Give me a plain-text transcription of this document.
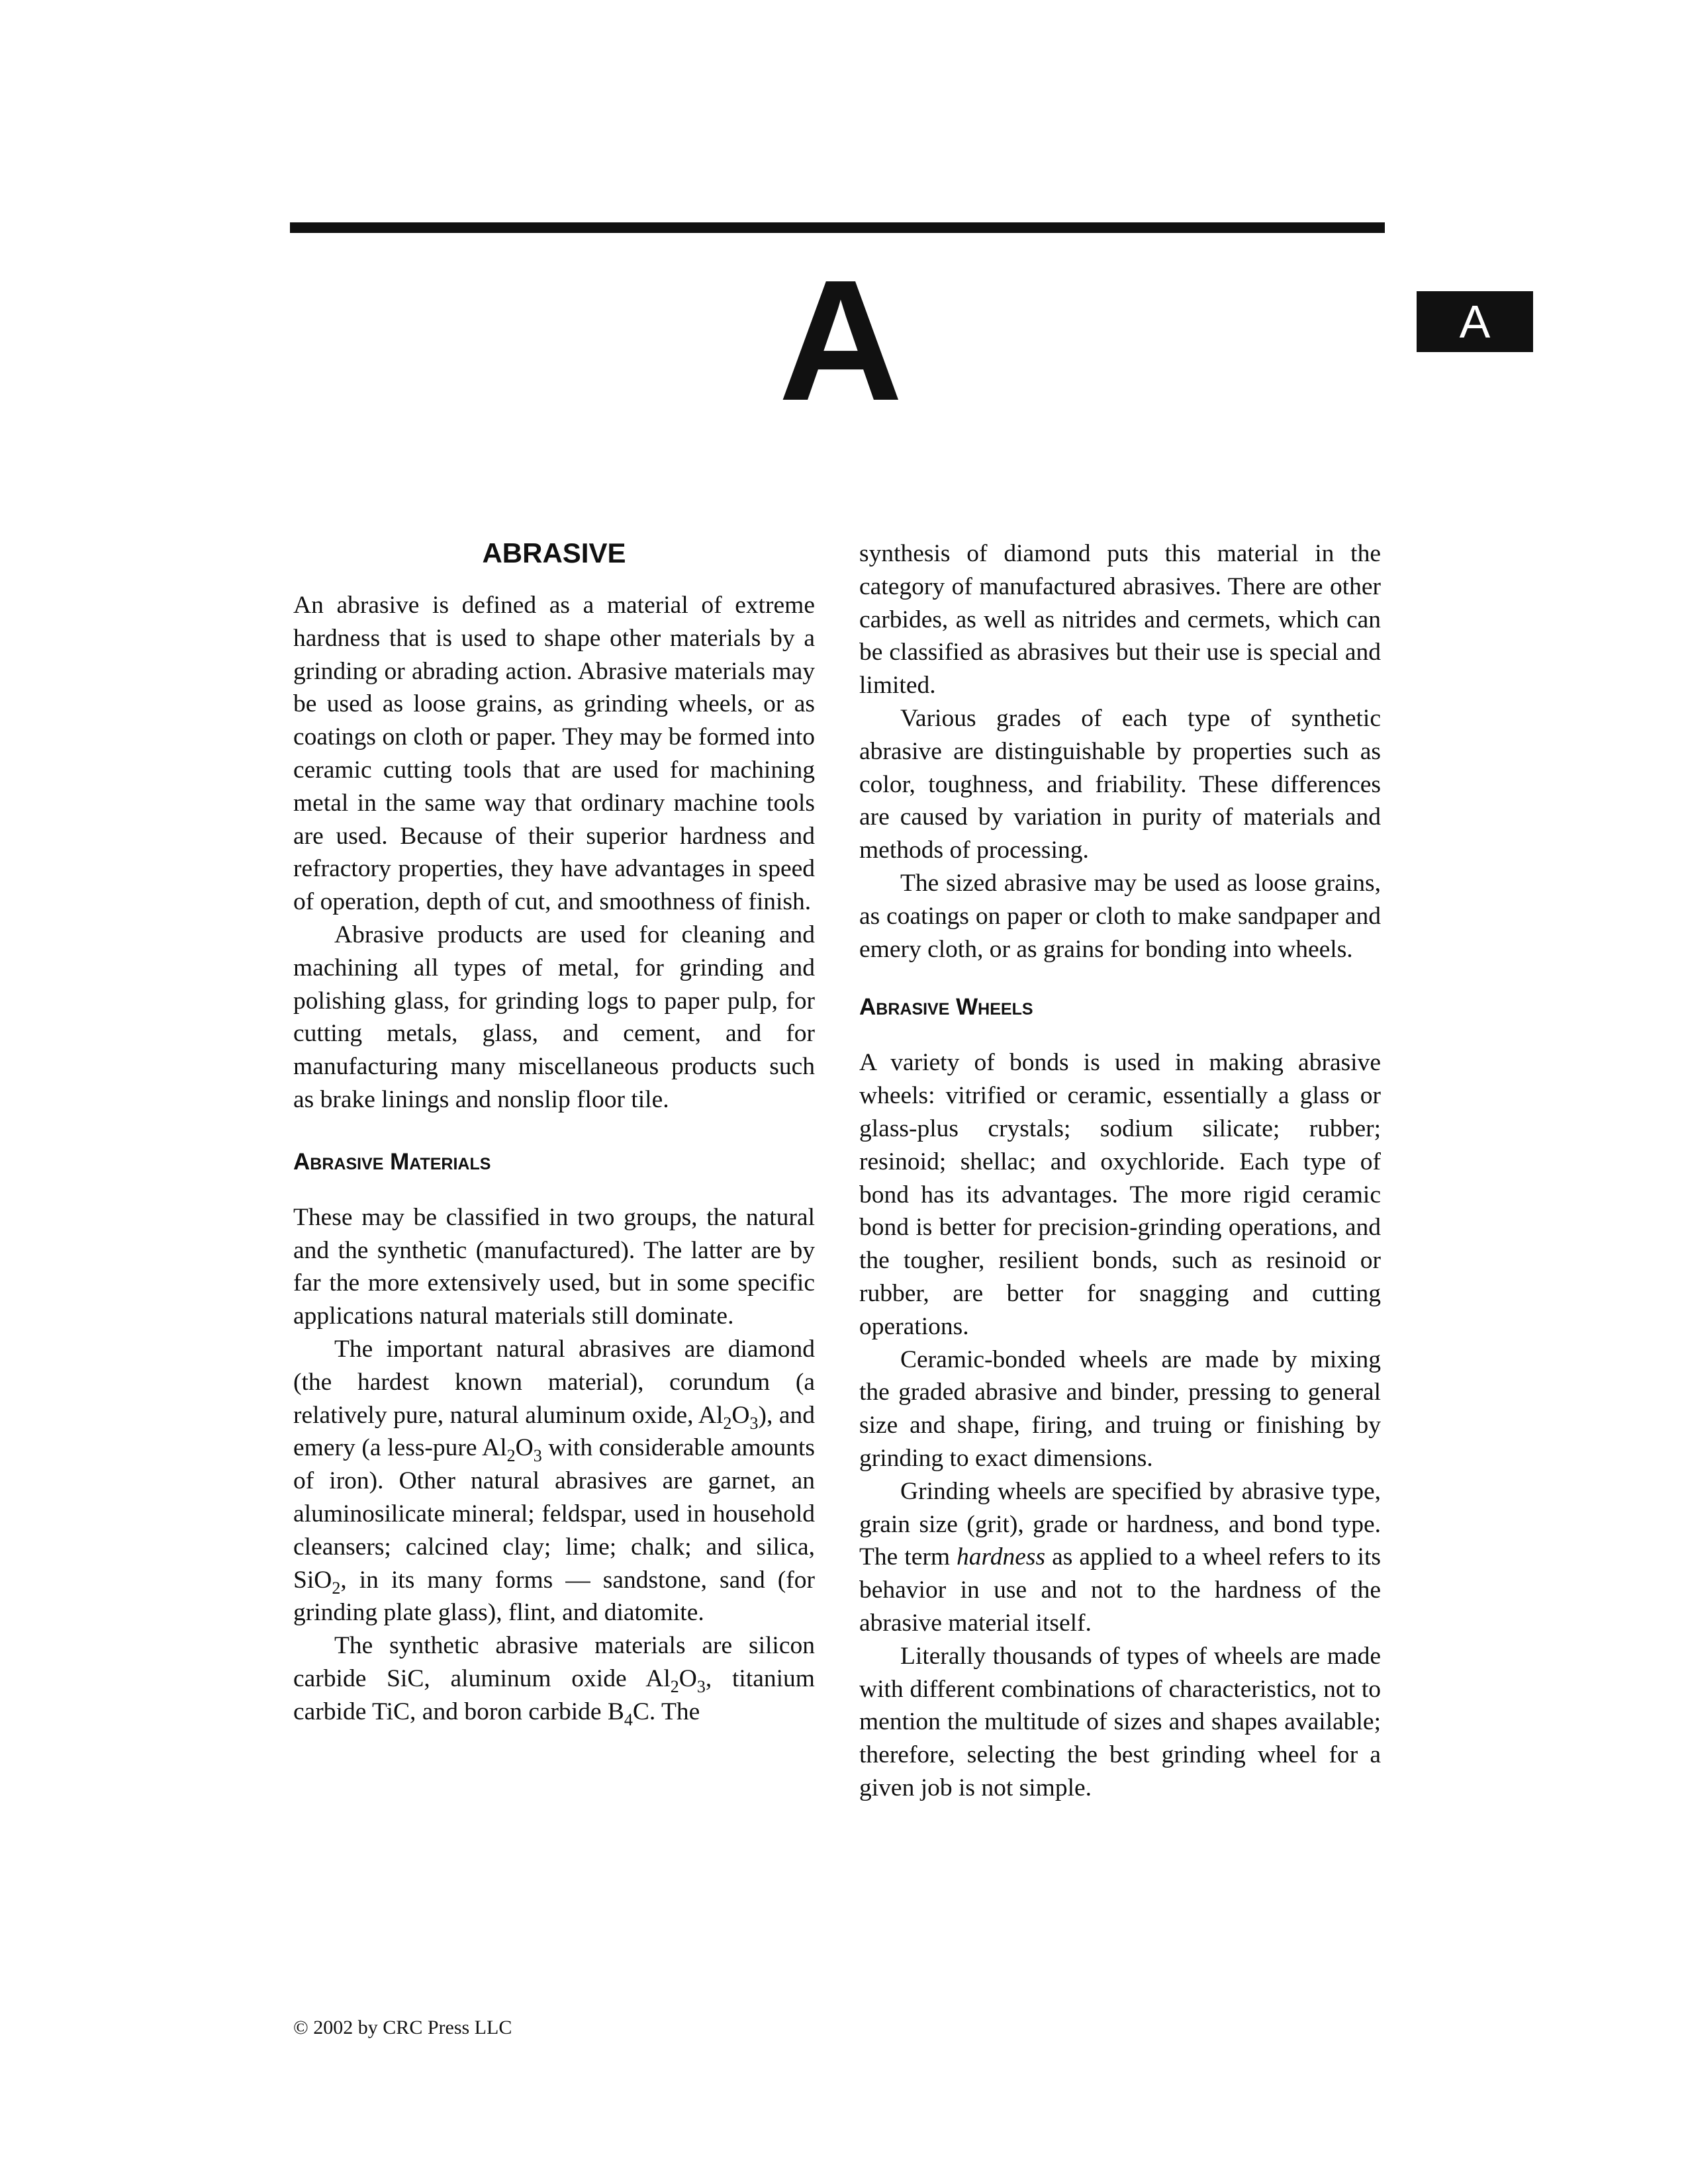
A	A
ABRASIVE

An abrasive is defined as a material of extreme hardness that is used to shape other materials by a grinding or abrading action. Abrasive materials may be used as loose grains, as grinding wheels, or as coatings on cloth or paper. They may be formed into ceramic cutting tools that are used for machining metal in the same way that ordinary machine tools are used. Because of their superior hardness and refractory properties, they have advantages in speed of operation, depth of cut, and smoothness of finish.

Abrasive products are used for cleaning and machining all types of metal, for grinding and polishing glass, for grinding logs to paper pulp, for cutting metals, glass, and cement, and for manufacturing many miscellaneous products such as brake linings and nonslip floor tile.

Abrasive Materials

These may be classified in two groups, the natural and the synthetic (manufactured). The latter are by far the more extensively used, but in some specific applications natural materials still dominate.

The important natural abrasives are diamond (the hardest known material), corundum (a relatively pure, natural aluminum oxide, $Al_2O_3$), and emery (a less-pure $Al_2O_3$ with considerable amounts of iron). Other natural abrasives are garnet, an aluminosilicate mineral; feldspar, used in household cleansers; calcined clay; lime; chalk; and silica, SiO$_2$, in its many forms — sandstone, sand (for grinding plate glass), flint, and diatomite.

The synthetic abrasive materials are silicon carbide SiC, aluminum oxide $Al_2O_3$, titanium carbide TiC, and boron carbide $B_4C$. The

synthesis of diamond puts this material in the category of manufactured abrasives. There are other carbides, as well as nitrides and cermets, which can be classified as abrasives but their use is special and limited.

Various grades of each type of synthetic abrasive are distinguishable by properties such as color, toughness, and friability. These differences are caused by variation in purity of materials and methods of processing.

The sized abrasive may be used as loose grains, as coatings on paper or cloth to make sandpaper and emery cloth, or as grains for bonding into wheels.

Abrasive Wheels

A variety of bonds is used in making abrasive wheels: vitrified or ceramic, essentially a glass or glass-plus crystals; sodium silicate; rubber; resinoid; shellac; and oxychloride. Each type of bond has its advantages. The more rigid ceramic bond is better for precision-grinding operations, and the tougher, resilient bonds, such as resinoid or rubber, are better for snagging and cutting operations.

Ceramic-bonded wheels are made by mixing the graded abrasive and binder, pressing to general size and shape, firing, and truing or finishing by grinding to exact dimensions.

Grinding wheels are specified by abrasive type, grain size (grit), grade or hardness, and bond type. The term hardness as applied to a wheel refers to its behavior in use and not to the hardness of the abrasive material itself.

Literally thousands of types of wheels are made with different combinations of characteristics, not to mention the multitude of sizes and shapes available; therefore, selecting the best grinding wheel for a given job is not simple.

© 2002 by CRC Press LLC
